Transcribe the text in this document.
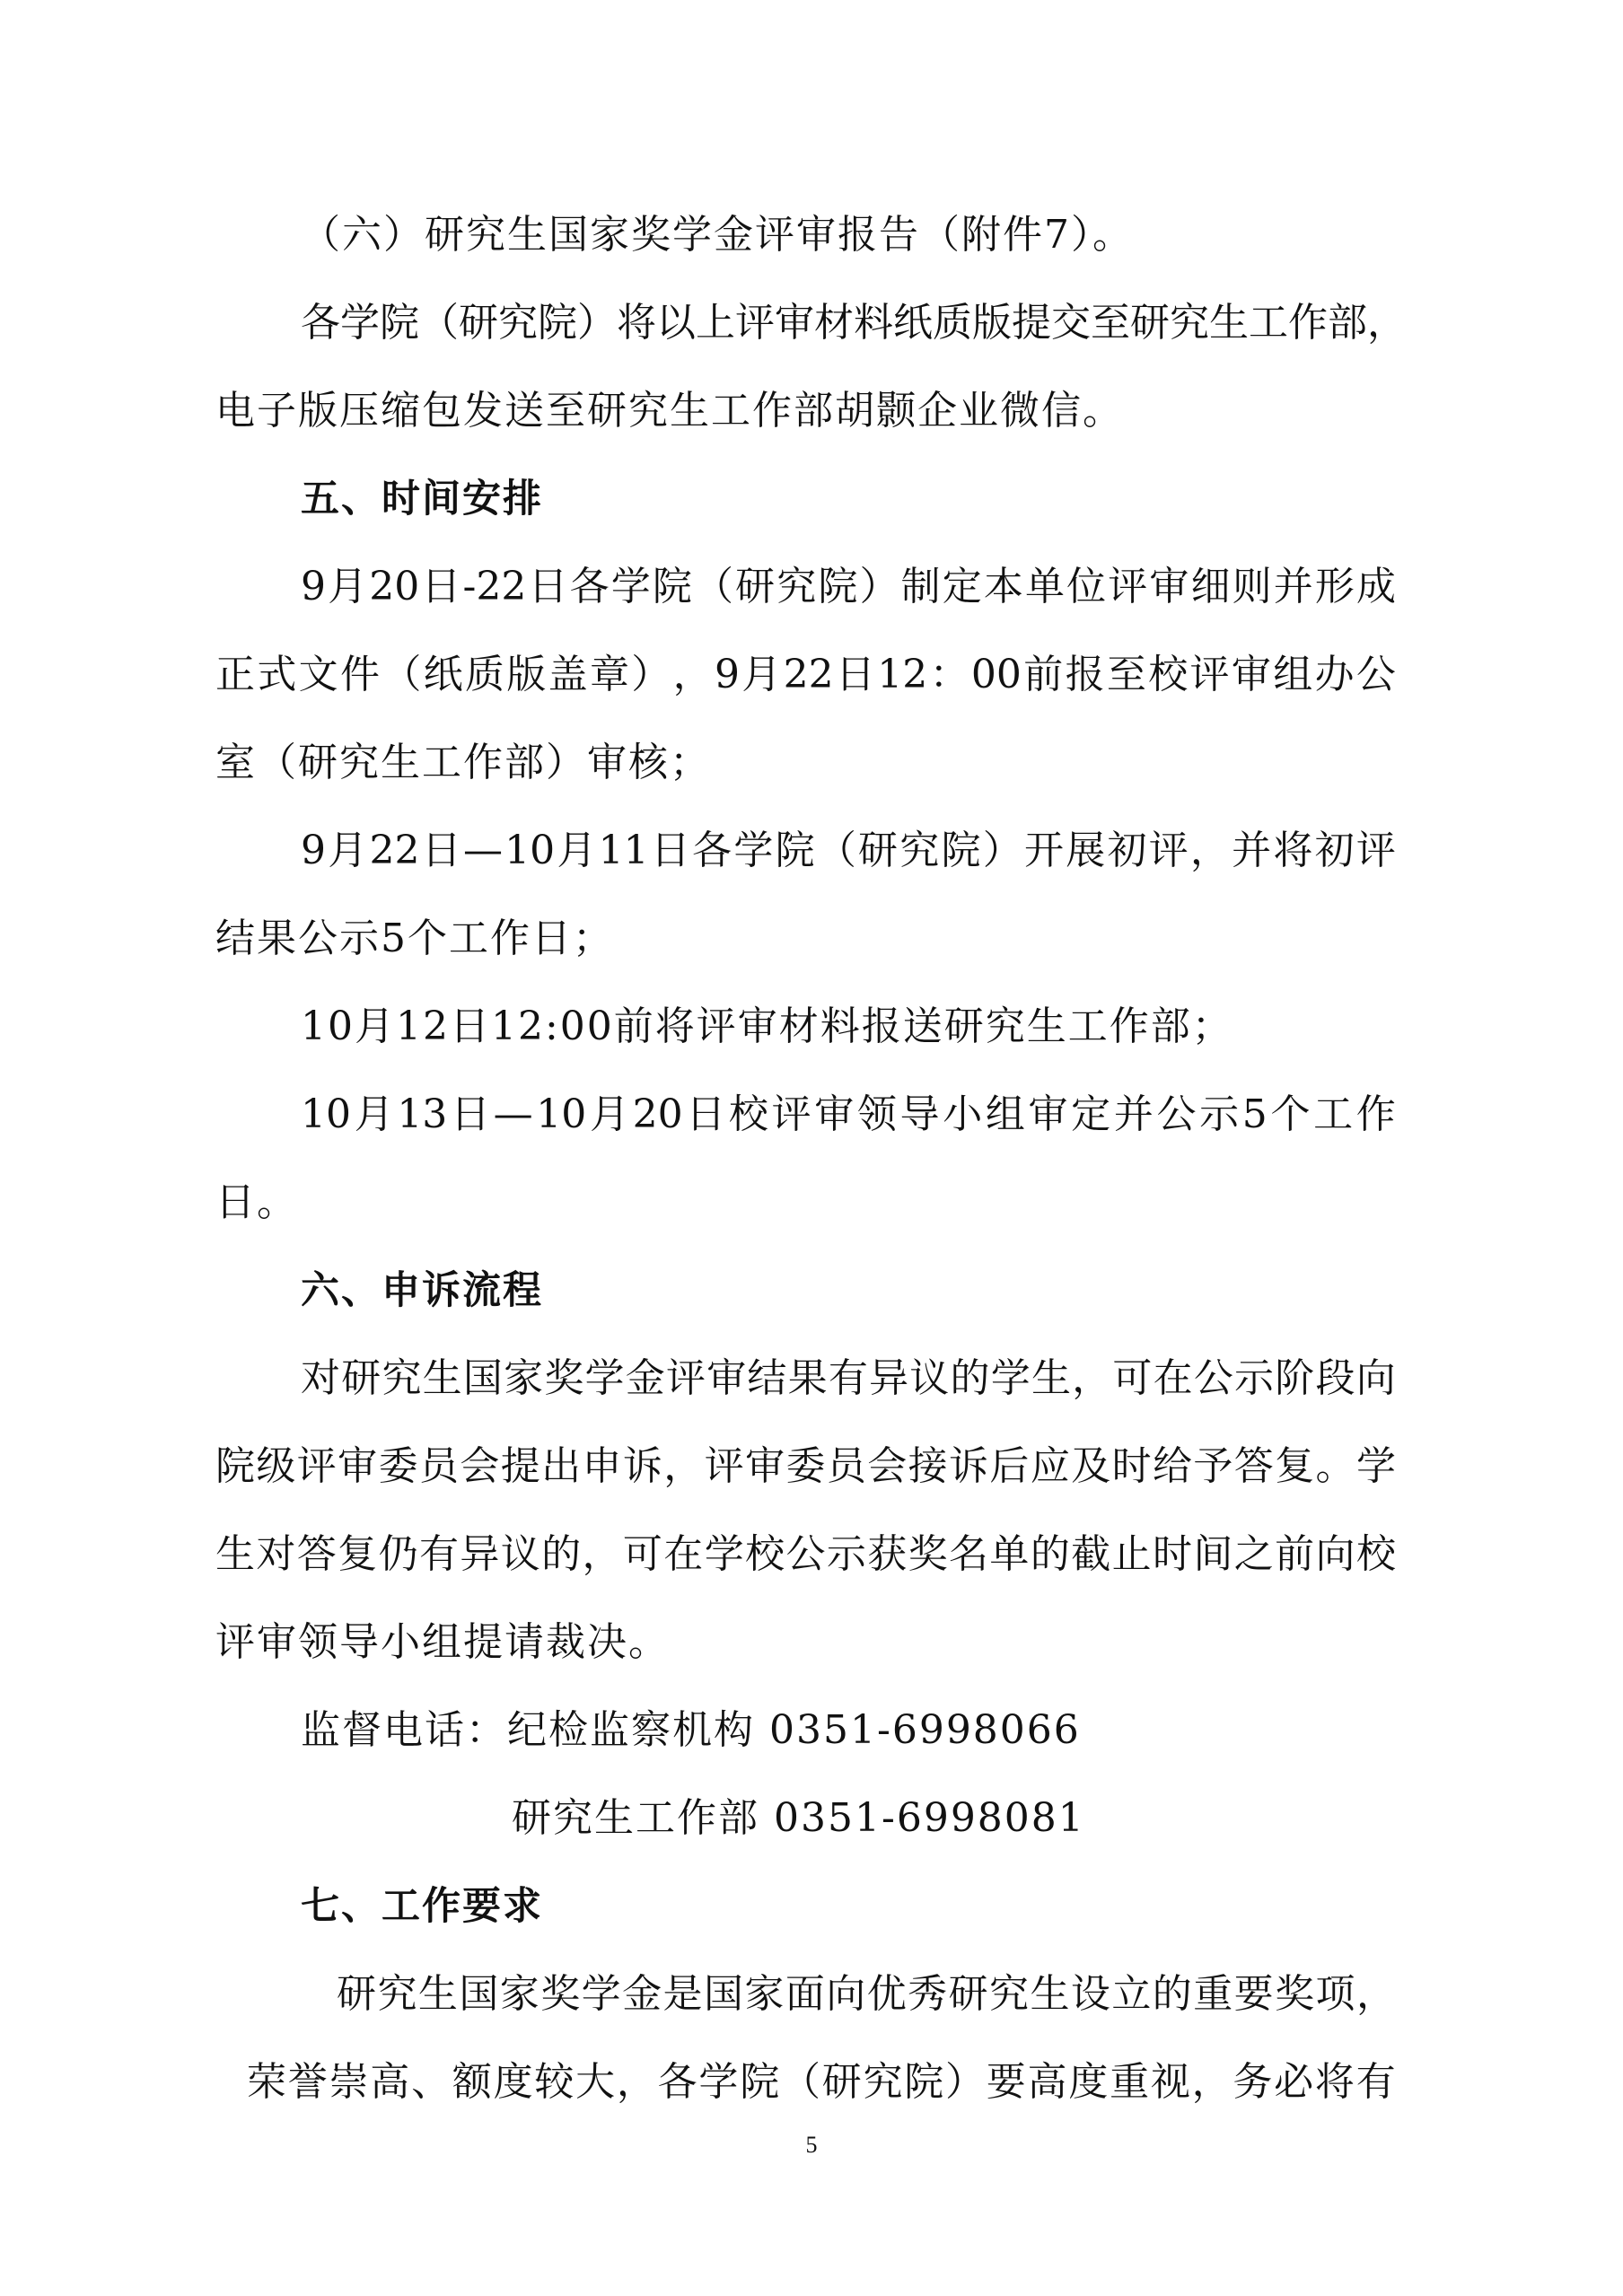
（六）研究生国家奖学金评审报告（附件7）。
各 学 院 （ 研 究 院 ） 将 以 上 评 审 材 料 纸 质 版 提 交 至 研 究 生 工 作 部 ，
电子版压缩包发送至研究生工作部胡颢企业微信。
五、时间安排
9 月 20 日 -22 日 各 学 院 （ 研 究 院 ） 制 定 本 单 位 评 审 细 则 并 形 成
正 式 文 件 （ 纸 质 版 盖 章 ） ， 9 月 22 日 12 ： 00 前 报 至 校 评 审 组 办 公
室（研究生工作部）审核；
9 月 22 日 — 10 月 11 日 各 学 院 （ 研 究 院 ） 开 展 初 评 ， 并 将 初 评
结果公示5个工作日；
10月12日12:00前将评审材料报送研究生工作部；
10 月 13 日 — 10 月 20 日 校 评 审 领 导 小 组 审 定 并 公 示 5 个 工 作
日。
六、申诉流程
对 研 究 生 国 家 奖 学 金 评 审 结 果 有 异 议 的 学 生 ， 可 在 公 示 阶 段 向
院 级 评 审 委 员 会 提 出 申 诉 ， 评 审 委 员 会 接 诉 后 应 及 时 给 予 答 复 。 学
生 对 答 复 仍 有 异 议 的 ， 可 在 学 校 公 示 获 奖 名 单 的 截 止 时 间 之 前 向 校
评审领导小组提请裁决。
监督电话：纪检监察机构 0351-6998066
研究生工作部 0351-6998081
七、工作要求
研 究 生 国 家 奖 学 金 是 国 家 面 向 优 秀 研 究 生 设 立 的 重 要 奖 项 ，
荣 誉 崇 高 、 额 度 较 大 ， 各 学 院 （ 研 究 院 ） 要 高 度 重 视 ， 务 必 将 有
5
